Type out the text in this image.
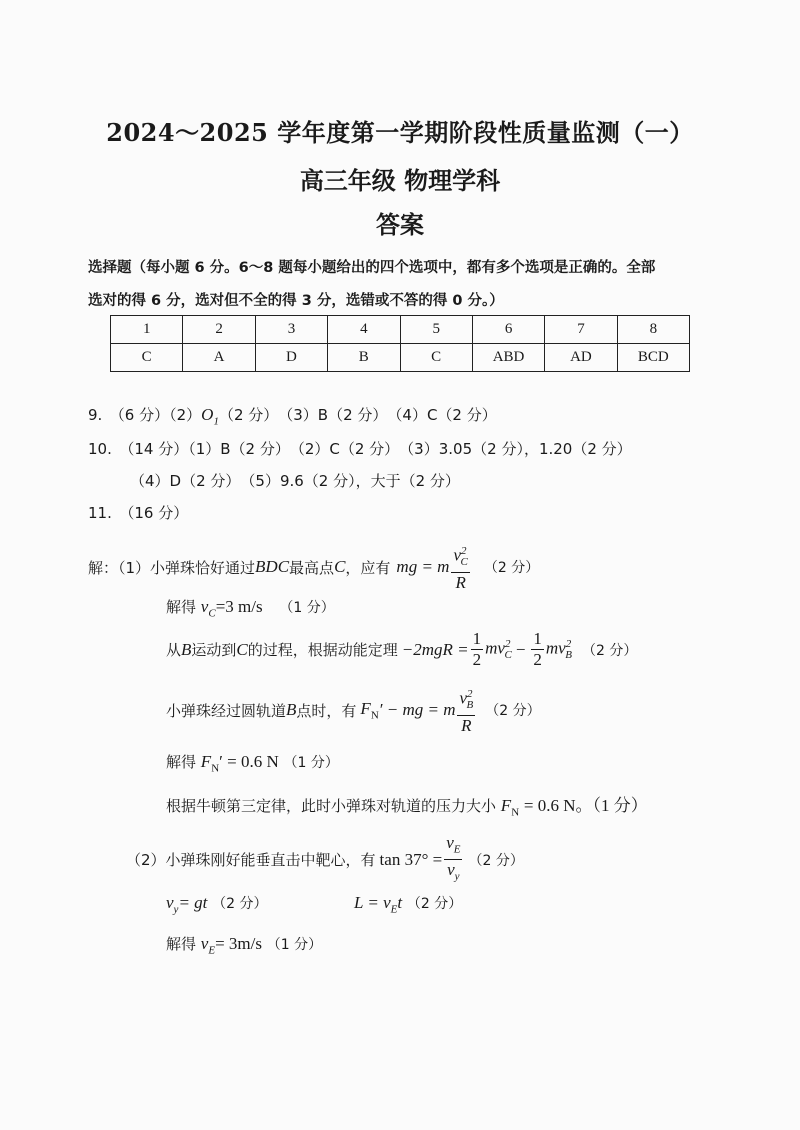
2024～2025 学年度第一学期阶段性质量监测（一）
高三年级 物理学科
答案
选择题（每小题 6 分。6～8 题每小题给出的四个选项中，都有多个选项是正确的。全部
选对的得 6 分，选对但不全的得 3 分，选错或不答的得 0 分。）
1	2	3	4	5	6	7	8
C	A	D	B	C	ABD	AD	BCD
9.　（6 分）$(2)O_1(2$ 分）　（3）B（2 分）　（4）C（2 分）
10.　（14 分）（1）B（2 分）　（2）C（2 分）　（3）3.05（2 分），1.20（2 分）
（4）D（2 分）　（5）9.6（2 分），大于（2 分）
11.　（16 分）
解：（1）小弹珠恰好通过 BDC 最高点 C ，应有 mg = m $\frac{v^2_C}{R} (2$ 分）
解得 $v_C=3$ m/s （1 分）
从 B 运动到 C 的过程，根据动能定理 $-2mgR = \frac{1}{2} mv^2_C - \frac{1}{2} mv^2_B$ （2 分）
小弹珠经过圆轨道 B 点时，有 $F_N$ ′ − mg = m $\frac{v^2_B}{R} (2$ 分）
解得 $F_N' = 0.6$ N （1 分）
根据牛顿第三定律，此时小弹珠对轨道的压力大小 $F_N = 0.6$ N。（1 分）
（2）小弹珠刚好能垂直击中靶心，有 $\tan 37^\circ = \frac{v_E}{v_y} (2$ 分）
$v_y=$ gt （2 分）	$L = v_Et$ （2 分）
解得 $v_E= 3m/s$ （1 分）
